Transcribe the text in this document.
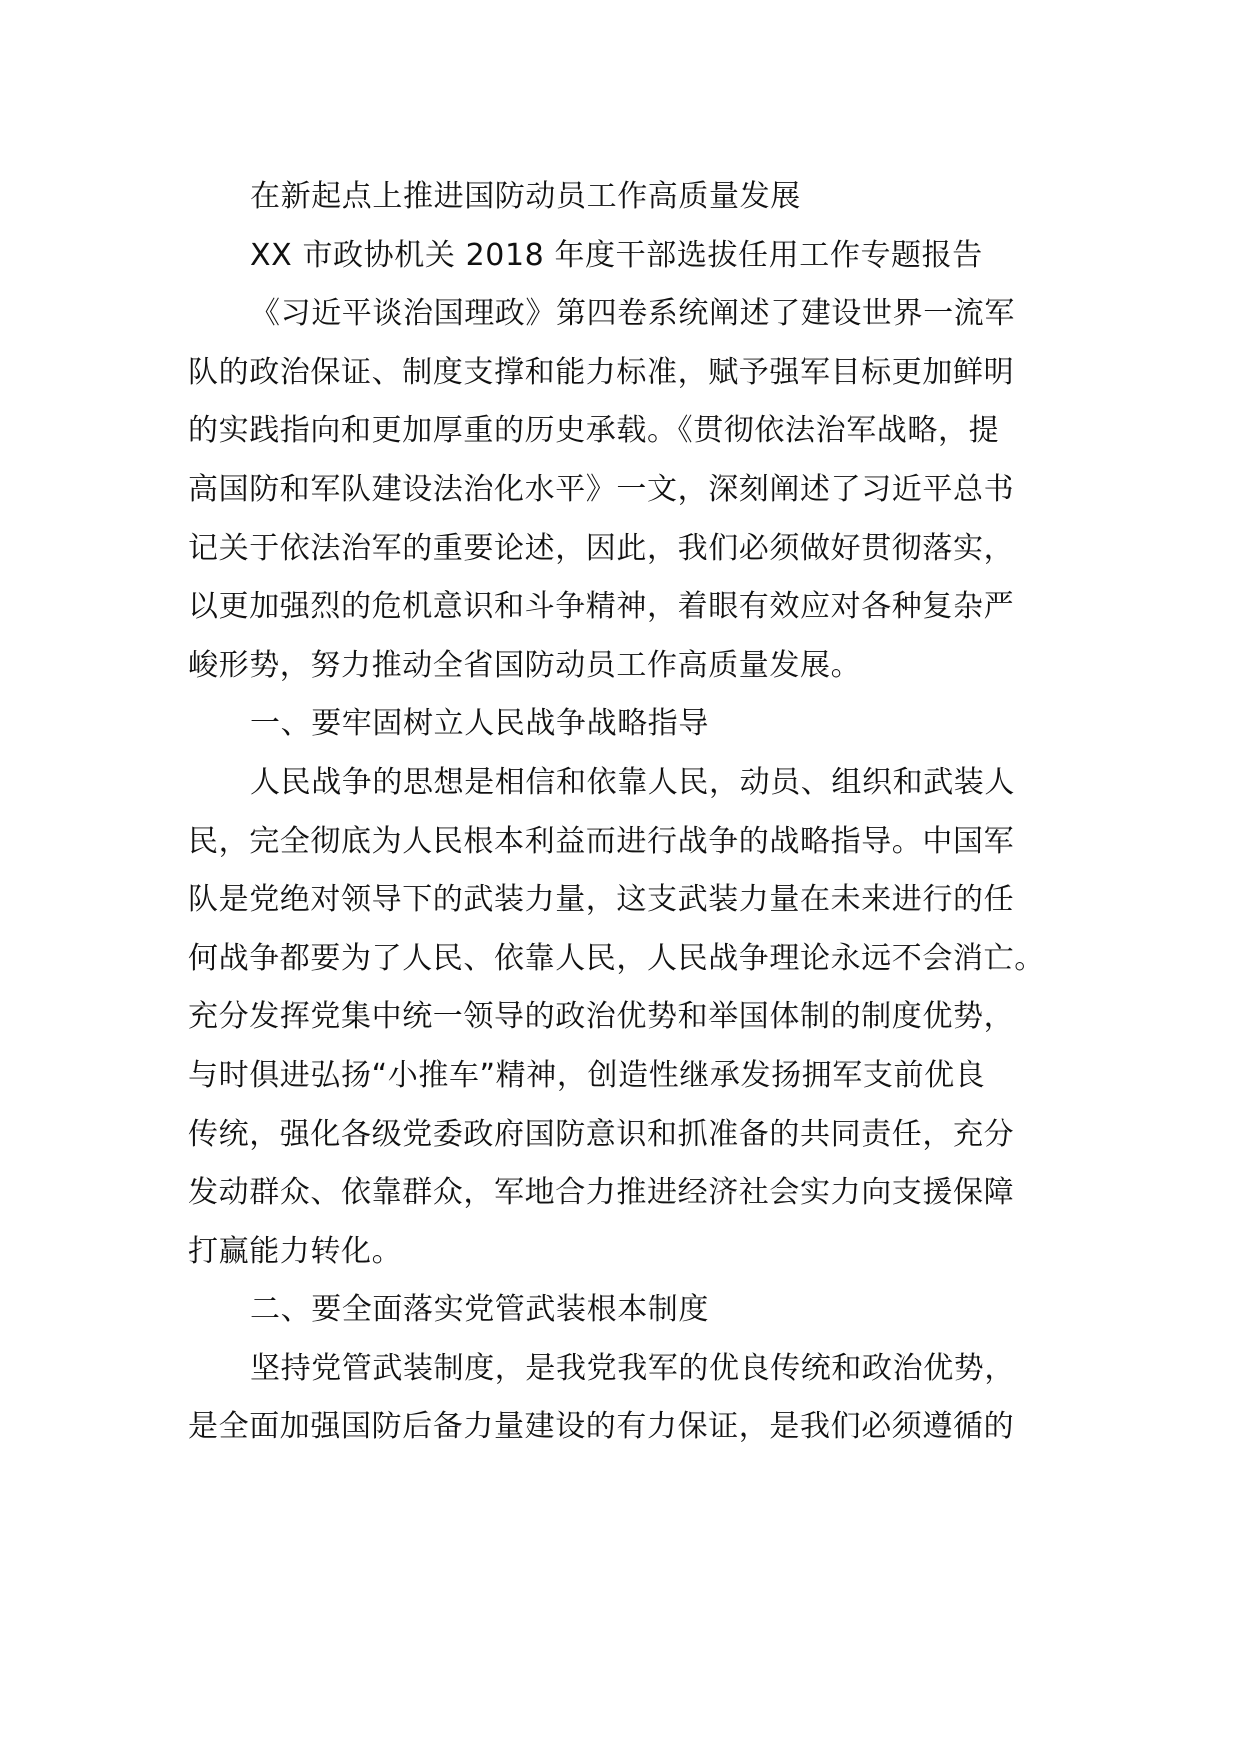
在新起点上推进国防动员工作高质量发展
XX 市政协机关 2018 年度干部选拔任用工作专题报告
《习近平谈治国理政》第四卷系统阐述了建设世界一流军
队的政治保证、制度支撑和能力标准，赋予强军目标更加鲜明
的实践指向和更加厚重的历史承载。《贯彻依法治军战略，提
高国防和军队建设法治化水平》一文，深刻阐述了习近平总书
记关于依法治军的重要论述，因此，我们必须做好贯彻落实，
以更加强烈的危机意识和斗争精神，着眼有效应对各种复杂严
峻形势，努力推动全省国防动员工作高质量发展。
一、要牢固树立人民战争战略指导
人民战争的思想是相信和依靠人民，动员、组织和武装人
民，完全彻底为人民根本利益而进行战争的战略指导。中国军
队是党绝对领导下的武装力量，这支武装力量在未来进行的任
何战争都要为了人民、依靠人民，人民战争理论永远不会消亡。
充分发挥党集中统一领导的政治优势和举国体制的制度优势，
与时俱进弘扬“小推车”精神，创造性继承发扬拥军支前优良
传统，强化各级党委政府国防意识和抓准备的共同责任，充分
发动群众、依靠群众，军地合力推进经济社会实力向支援保障
打赢能力转化。
二、要全面落实党管武装根本制度
坚持党管武装制度，是我党我军的优良传统和政治优势，
是全面加强国防后备力量建设的有力保证，是我们必须遵循的
